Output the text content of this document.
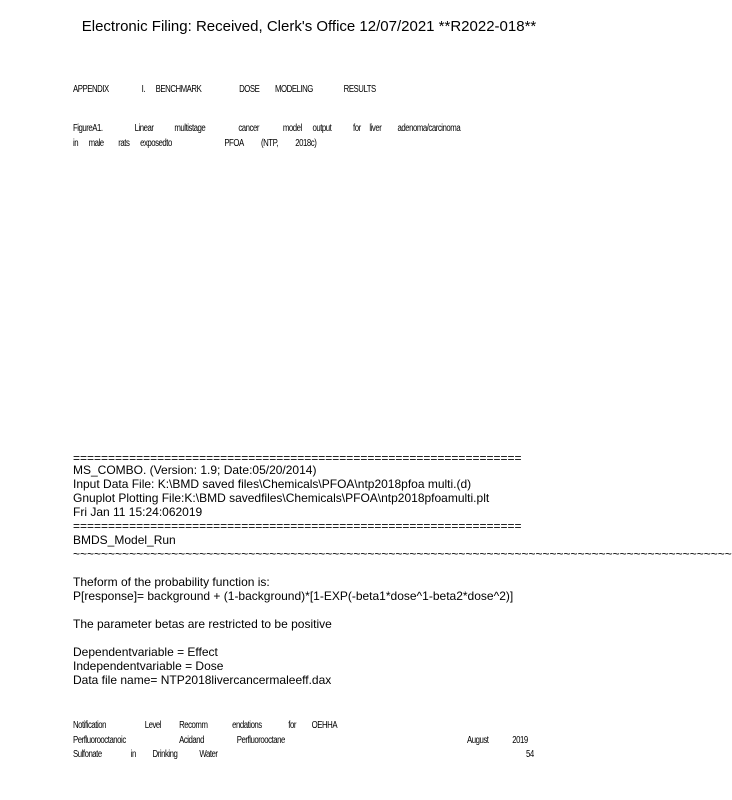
Electronic Filing: Received, Clerk's Office 12/07/2021 **R2022-018**
APPENDIX	I. BENCHMARK	DOSE MODELING	RESULTS
FigureA1.	Linear multistage	cancer model output for liver adenoma/carcinoma
in male rats exposedto	PFOA (NTP, 2018c)
================================================================
MS_COMBO. (Version: 1.9; Date:05/20/2014)
Input Data File: K:\BMD saved files\Chemicals\PFOA\ntp2018pfoa multi.(d)
Gnuplot Plotting File:K:\BMD savedfiles\Chemicals\PFOA\ntp2018pfoamulti.plt
Fri Jan 11 15:24:062019
================================================================
BMDS_Model_Run
~~~~~~~~~~~~~~~~~~~~~~~~~~~~~~~~~~~~~~~~~~~~~~~~~~~~~~~~~~~~~~~~~~~~~~~~~~~~~~~~~~~~~~~~~~~~~~
Theform of the probability function is:
P[response]= background + (1-background)*[1-EXP(-beta1*dose^1-beta2*dose^2)]
The parameter betas are restricted to be positive
Dependentvariable = Effect
Independentvariable = Dose
Data file name= NTP2018livercancermaleeff.dax
Notification	Level Recomm endations	for OEHHA
Perfluorooctanoic	Acidand	Perfluorooctane	August 2019
Sulfonate	in Drinking Water	54
